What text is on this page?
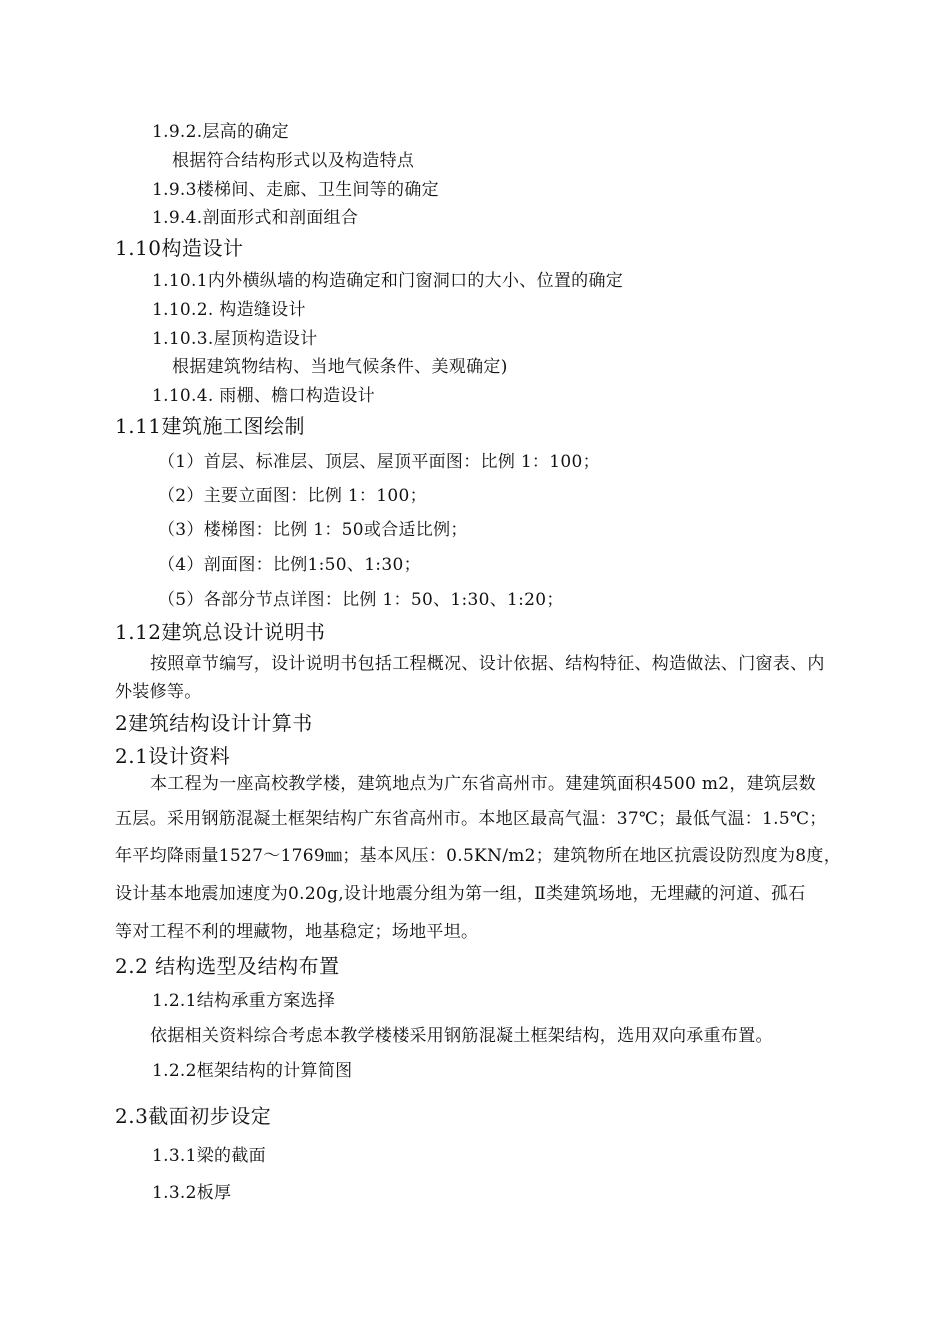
1.9.2.层高的确定
根据符合结构形式以及构造特点
1.9.3楼梯间、走廊、卫生间等的确定
1.9.4.剖面形式和剖面组合
1.10构造设计
1.10.1内外横纵墙的构造确定和门窗洞口的大小、位置的确定
1.10.2. 构造缝设计
1.10.3.屋顶构造设计
根据建筑物结构、当地气候条件、美观确定)
1.10.4. 雨棚、檐口构造设计
1.11建筑施工图绘制
（1）首层、标准层、顶层、屋顶平面图：比例 1：100；
（2）主要立面图：比例 1：100；
（3）楼梯图：比例 1：50或合适比例；
（4）剖面图：比例1:50、1:30；
（5）各部分节点详图：比例 1：50、1:30、1:20；
1.12建筑总设计说明书
按照章节编写，设计说明书包括工程概况、设计依据、结构特征、构造做法、门窗表、内
外装修等。
2建筑结构设计计算书
2.1设计资料
本工程为一座高校教学楼，建筑地点为广东省高州市。建建筑面积4500 m2，建筑层数
五层。采用钢筋混凝土框架结构广东省高州市。本地区最高气温：37℃；最低气温：1.5℃；
年平均降雨量1527～1769㎜；基本风压：0.5KN/m2；建筑物所在地区抗震设防烈度为8度，
设计基本地震加速度为0.20g,设计地震分组为第一组，Ⅱ类建筑场地，无埋藏的河道、孤石
等对工程不利的埋藏物，地基稳定；场地平坦。
2.2 结构选型及结构布置
1.2.1结构承重方案选择
依据相关资料综合考虑本教学楼楼采用钢筋混凝土框架结构，选用双向承重布置。
1.2.2框架结构的计算简图
2.3截面初步设定
1.3.1梁的截面
1.3.2板厚
